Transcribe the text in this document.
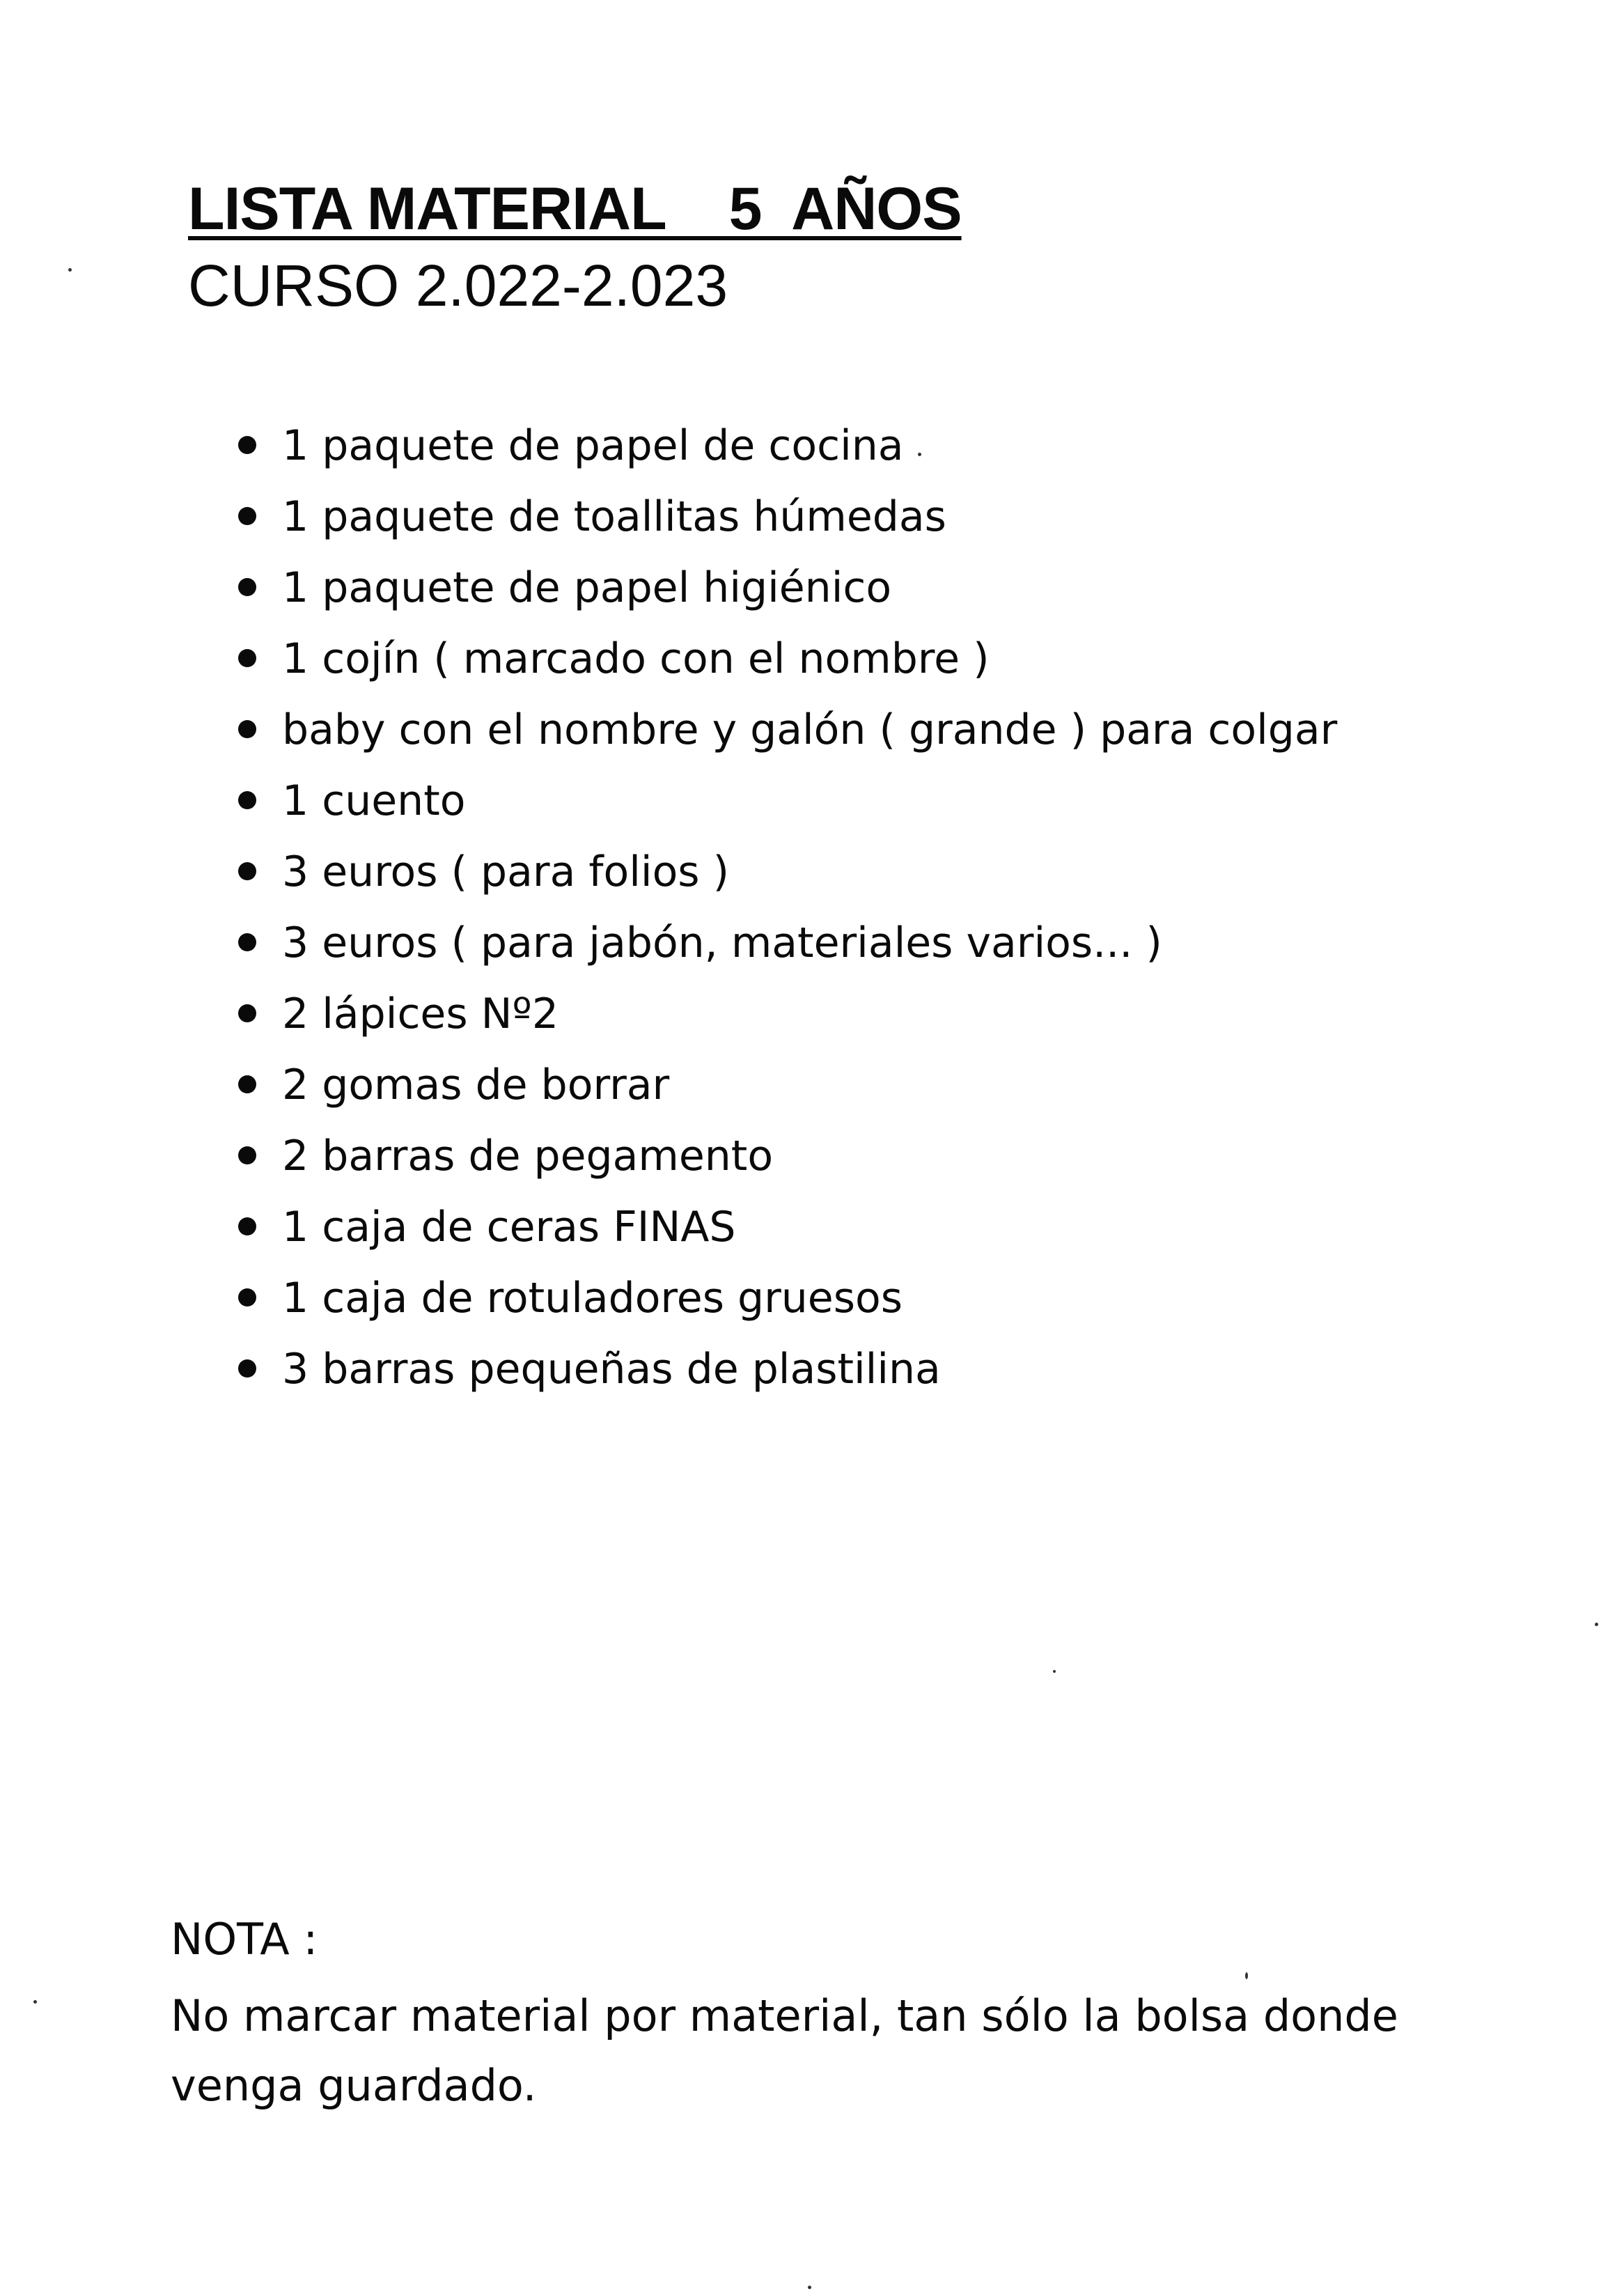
LISTA MATERIAL    5  AÑOS
CURSO 2.022-2.023
1 paquete de papel de cocina
1 paquete de toallitas húmedas
1 paquete de papel higiénico
1 cojín ( marcado con el nombre )
baby con el nombre y galón ( grande ) para colgar
1 cuento
3 euros ( para folios )
3 euros ( para jabón, materiales varios... )
2 lápices Nº2
2 gomas de borrar
2 barras de pegamento
1 caja de ceras FINAS
1 caja de rotuladores gruesos
3 barras pequeñas de plastilina
NOTA :
No marcar material por material, tan sólo la bolsa donde venga guardado.
